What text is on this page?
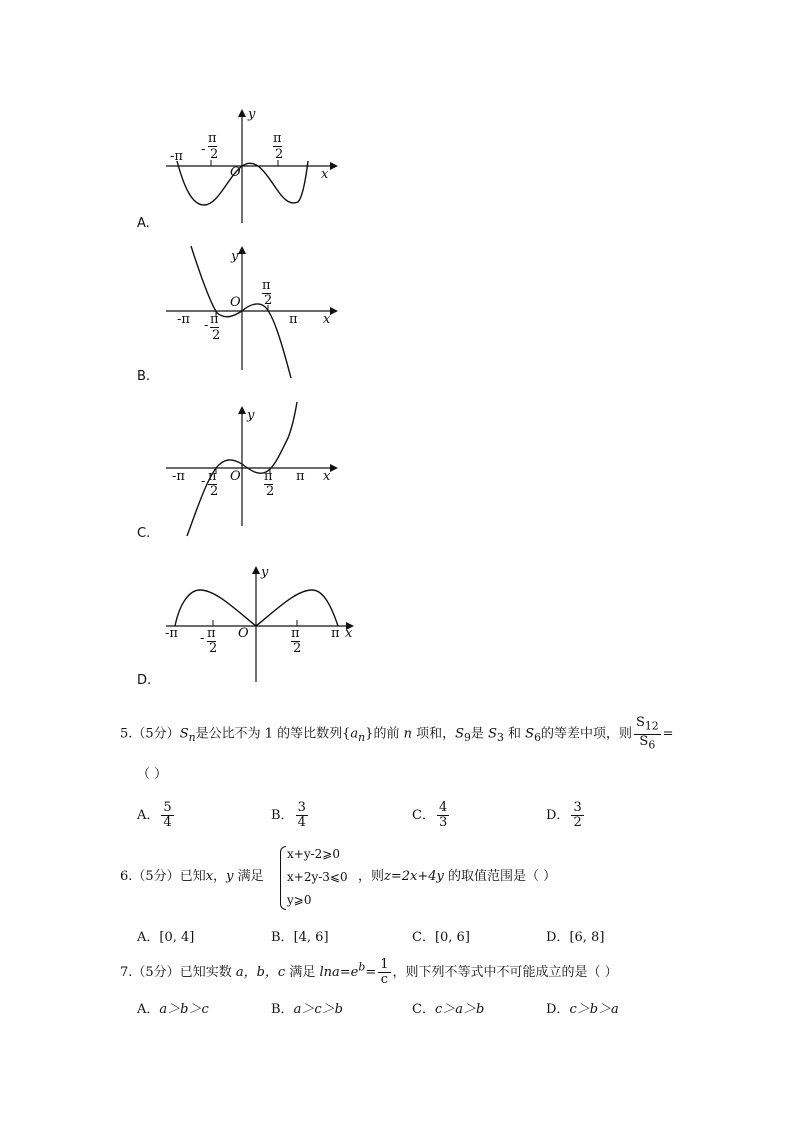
-π -
π
2
π
2
O	x
y
A.
-π - π
2
π
2
π
O
x
y
B.
-π - π
2
O π
2
π x
y
C.
-π - π
2
O	π
2
π x
y
D.
5.（5分）$S_n$是公比不为 1 的等比数列$\{a_n\}$的前 n 项和，$S_9$是 $S_3$ 和 $S_6$的等差中项，则 $\frac{S_{12}}{S_6}$ =
（ ）
A． $\frac{5}{4}$	B． $\frac{3}{4}$	C． $\frac{4}{3}$	D． $\frac{3}{2}$
6.（5分）已知x，y 满足
x+y-2⩾0
x+2y-3⩽0
y⩾0
，则z=2x+4y 的取值范围是（ ）
A．[0, 4]	B．[4, 6]	C．[0, 6]	D．[6, 8]
7.（5分）已知实数 a，b，c 满足 $\ln a=e^b= \frac{1}{c}$ ，则下列不等式中不可能成立的是（ ）
A．a＞b＞c	B．a＞c＞b	C．c＞a＞b	D．c＞b＞a
